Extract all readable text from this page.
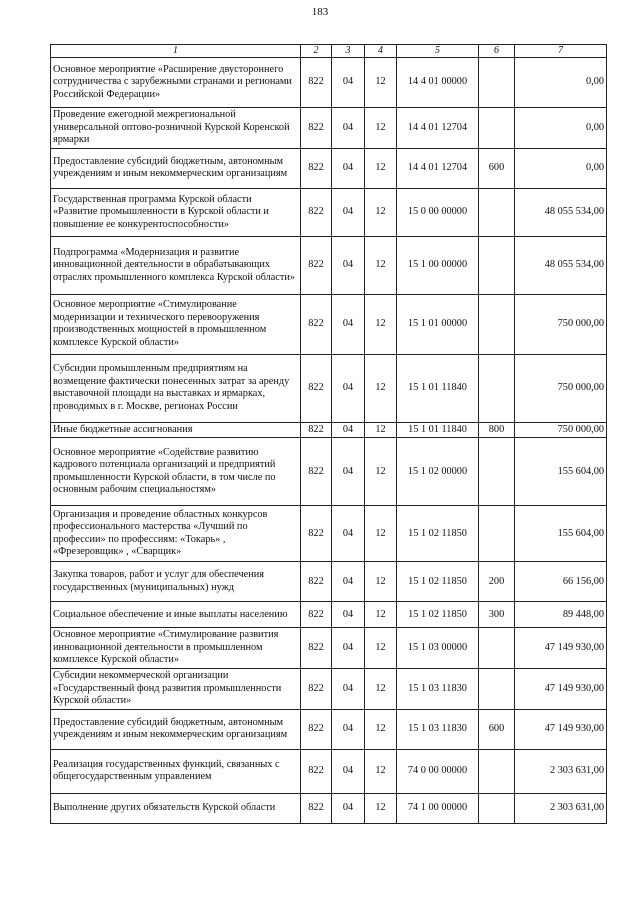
183
1	2	3	4	5	6	7
Основное мероприятие «Расширение двустороннего сотрудничества с зарубежными странами и регионами Российской Федерации»	822	04	12	14 4 01 00000		0,00
Проведение ежегодной межрегиональной универсальной оптово-розничной Курской Коренской ярмарки	822	04	12	14 4 01 12704		0,00
Предоставление субсидий бюджетным, автономным учреждениям и иным некоммерческим организациям	822	04	12	14 4 01 12704	600	0,00
Государственная программа Курской области «Развитие промышленности в Курской области и повышение ее конкурентоспособности»	822	04	12	15 0 00 00000		48 055 534,00
Подпрограмма «Модернизация и развитие инновационной деятельности в обрабатывающих отраслях промышленного комплекса Курской области»	822	04	12	15 1 00 00000		48 055 534,00
Основное мероприятие «Стимулирование модернизации и технического перевооружения производственных мощностей в промышленном комплексе Курской области»	822	04	12	15 1 01 00000		750 000,00
Субсидии промышленным предприятиям на возмещение фактически понесенных затрат за аренду выставочной площади на выставках и ярмарках, проводимых в г. Москве, регионах России	822	04	12	15 1 01 11840		750 000,00
Иные бюджетные ассигнования	822	04	12	15 1 01 11840	800	750 000,00
Основное мероприятие «Содействие развитию кадрового потенциала организаций и предприятий промышленности Курской области, в том числе по основным рабочим специальностям»	822	04	12	15 1 02 00000		155 604,00
Организация и проведение областных конкурсов профессионального мастерства «Лучший по профессии» по профессиям: «Токарь» , «Фрезеровщик» , «Сварщик»	822	04	12	15 1 02 11850		155 604,00
Закупка товаров, работ и услуг для обеспечения государственных (муниципальных) нужд	822	04	12	15 1 02 11850	200	66 156,00
Социальное обеспечение и иные выплаты населению	822	04	12	15 1 02 11850	300	89 448,00
Основное мероприятие «Стимулирование развития инновационной деятельности в промышленном комплексе Курской области»	822	04	12	15 1 03 00000		47 149 930,00
Субсидии некоммерческой организации «Государственный фонд развития промышленности Курской области»	822	04	12	15 1 03 11830		47 149 930,00
Предоставление субсидий бюджетным, автономным учреждениям и иным некоммерческим организациям	822	04	12	15 1 03 11830	600	47 149 930,00
Реализация государственных функций, связанных с общегосударственным управлением	822	04	12	74 0 00 00000		2 303 631,00
Выполнение других обязательств Курской области	822	04	12	74 1 00 00000		2 303 631,00
